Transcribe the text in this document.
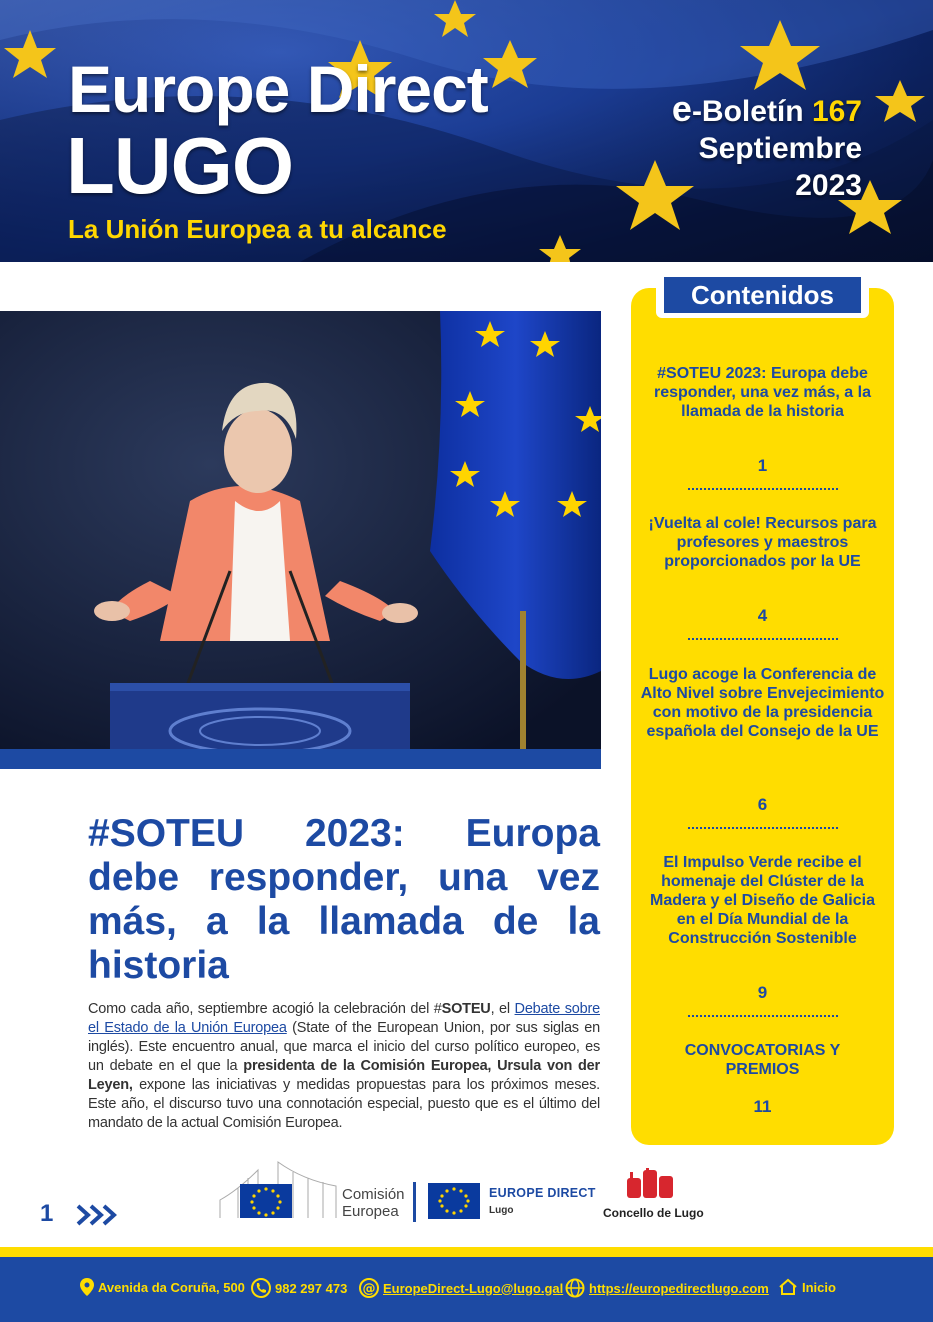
Europe Direct
LUGO
La Unión Europea a tu alcance
e-Boletín 167
Septiembre
2023
#SOTEU 2023: Europa debe responder, una vez más, a la llamada de la historia

Como cada año, septiembre acogió la celebración del #SOTEU, el Debate sobre el Estado de la Unión Europea (State of the European Union, por sus siglas en inglés). Este encuentro anual, que marca el inicio del curso político europeo, es un debate en el que la presidenta de la Comisión Europea, Ursula von der Leyen, expone las iniciativas y medidas propuestas para los próximos meses. Este año, el discurso tuvo una connotación especial, puesto que es el último del mandato de la actual Comisión Europea.

Contenidos
#SOTEU 2023: Europa debe responder, una vez más, a la llamada de la historia
1
¡Vuelta al cole! Recursos para profesores y maestros proporcionados por la UE
4
Lugo acoge la Conferencia de Alto Nivel sobre Envejecimiento con motivo de la presidencia española del Consejo de la UE
6
El Impulso Verde recibe el homenaje del Clúster de la Madera y el Diseño de Galicia en el Día Mundial de la Construcción Sostenible
9
CONVOCATORIAS Y PREMIOS
11
1
Comisión
Europea
EUROPE DIRECT
Lugo	Concello de Lugo
Avenida da Coruña, 500 982 297 473 @ EuropeDirect-Lugo@lugo.gal https://europedirectlugo.com	Inicio
